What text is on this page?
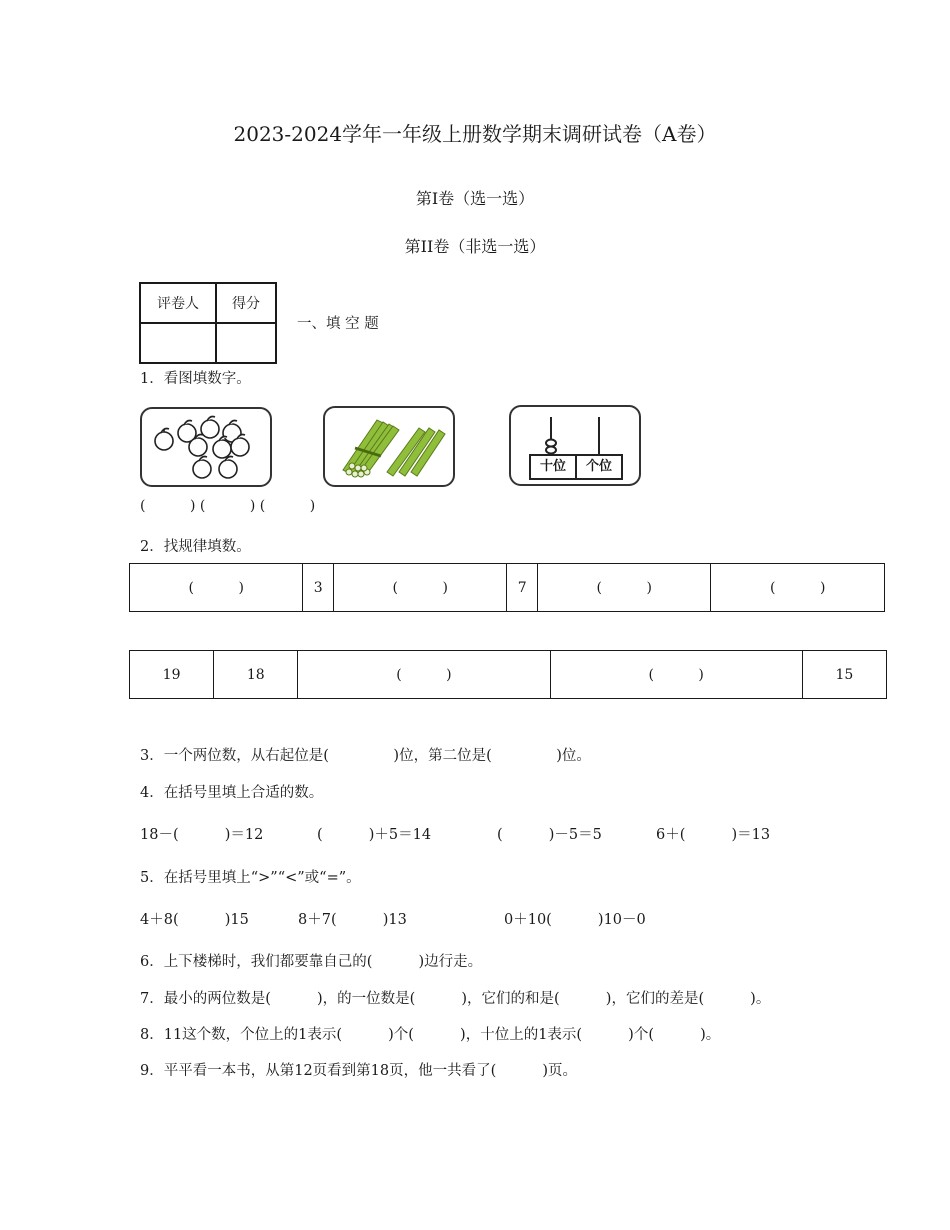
2023-2024学年一年级上册数学期末调研试卷（A卷）
第Ⅰ卷（选一选）
第II卷（非选一选）
评卷人	得分

一、填 空 题
1．看图填数字。
十位	个位
(          ) (          ) (          )
2．找规律填数。
(          )	3	(          )	7	(          )	(          )
19	18	(          )	(          )	15
3．一个两位数，从右起位是(              )位，第二位是(              )位。
4．在括号里填上合适的数。
18－(          )＝12	(          )＋5＝14	(          )－5＝5	6＋(          )＝13
5．在括号里填上“>”“<”或“=”。
4＋8(          )15	8＋7(          )13	0＋10(          )10－0
6．上下楼梯时，我们都要靠自己的(          )边行走。
7．最小的两位数是(          )，的一位数是(          )，它们的和是(          )，它们的差是(          )。
8．11这个数，个位上的1表示(          )个(          )，十位上的1表示(          )个(          )。
9．平平看一本书，从第12页看到第18页，他一共看了(          )页。
